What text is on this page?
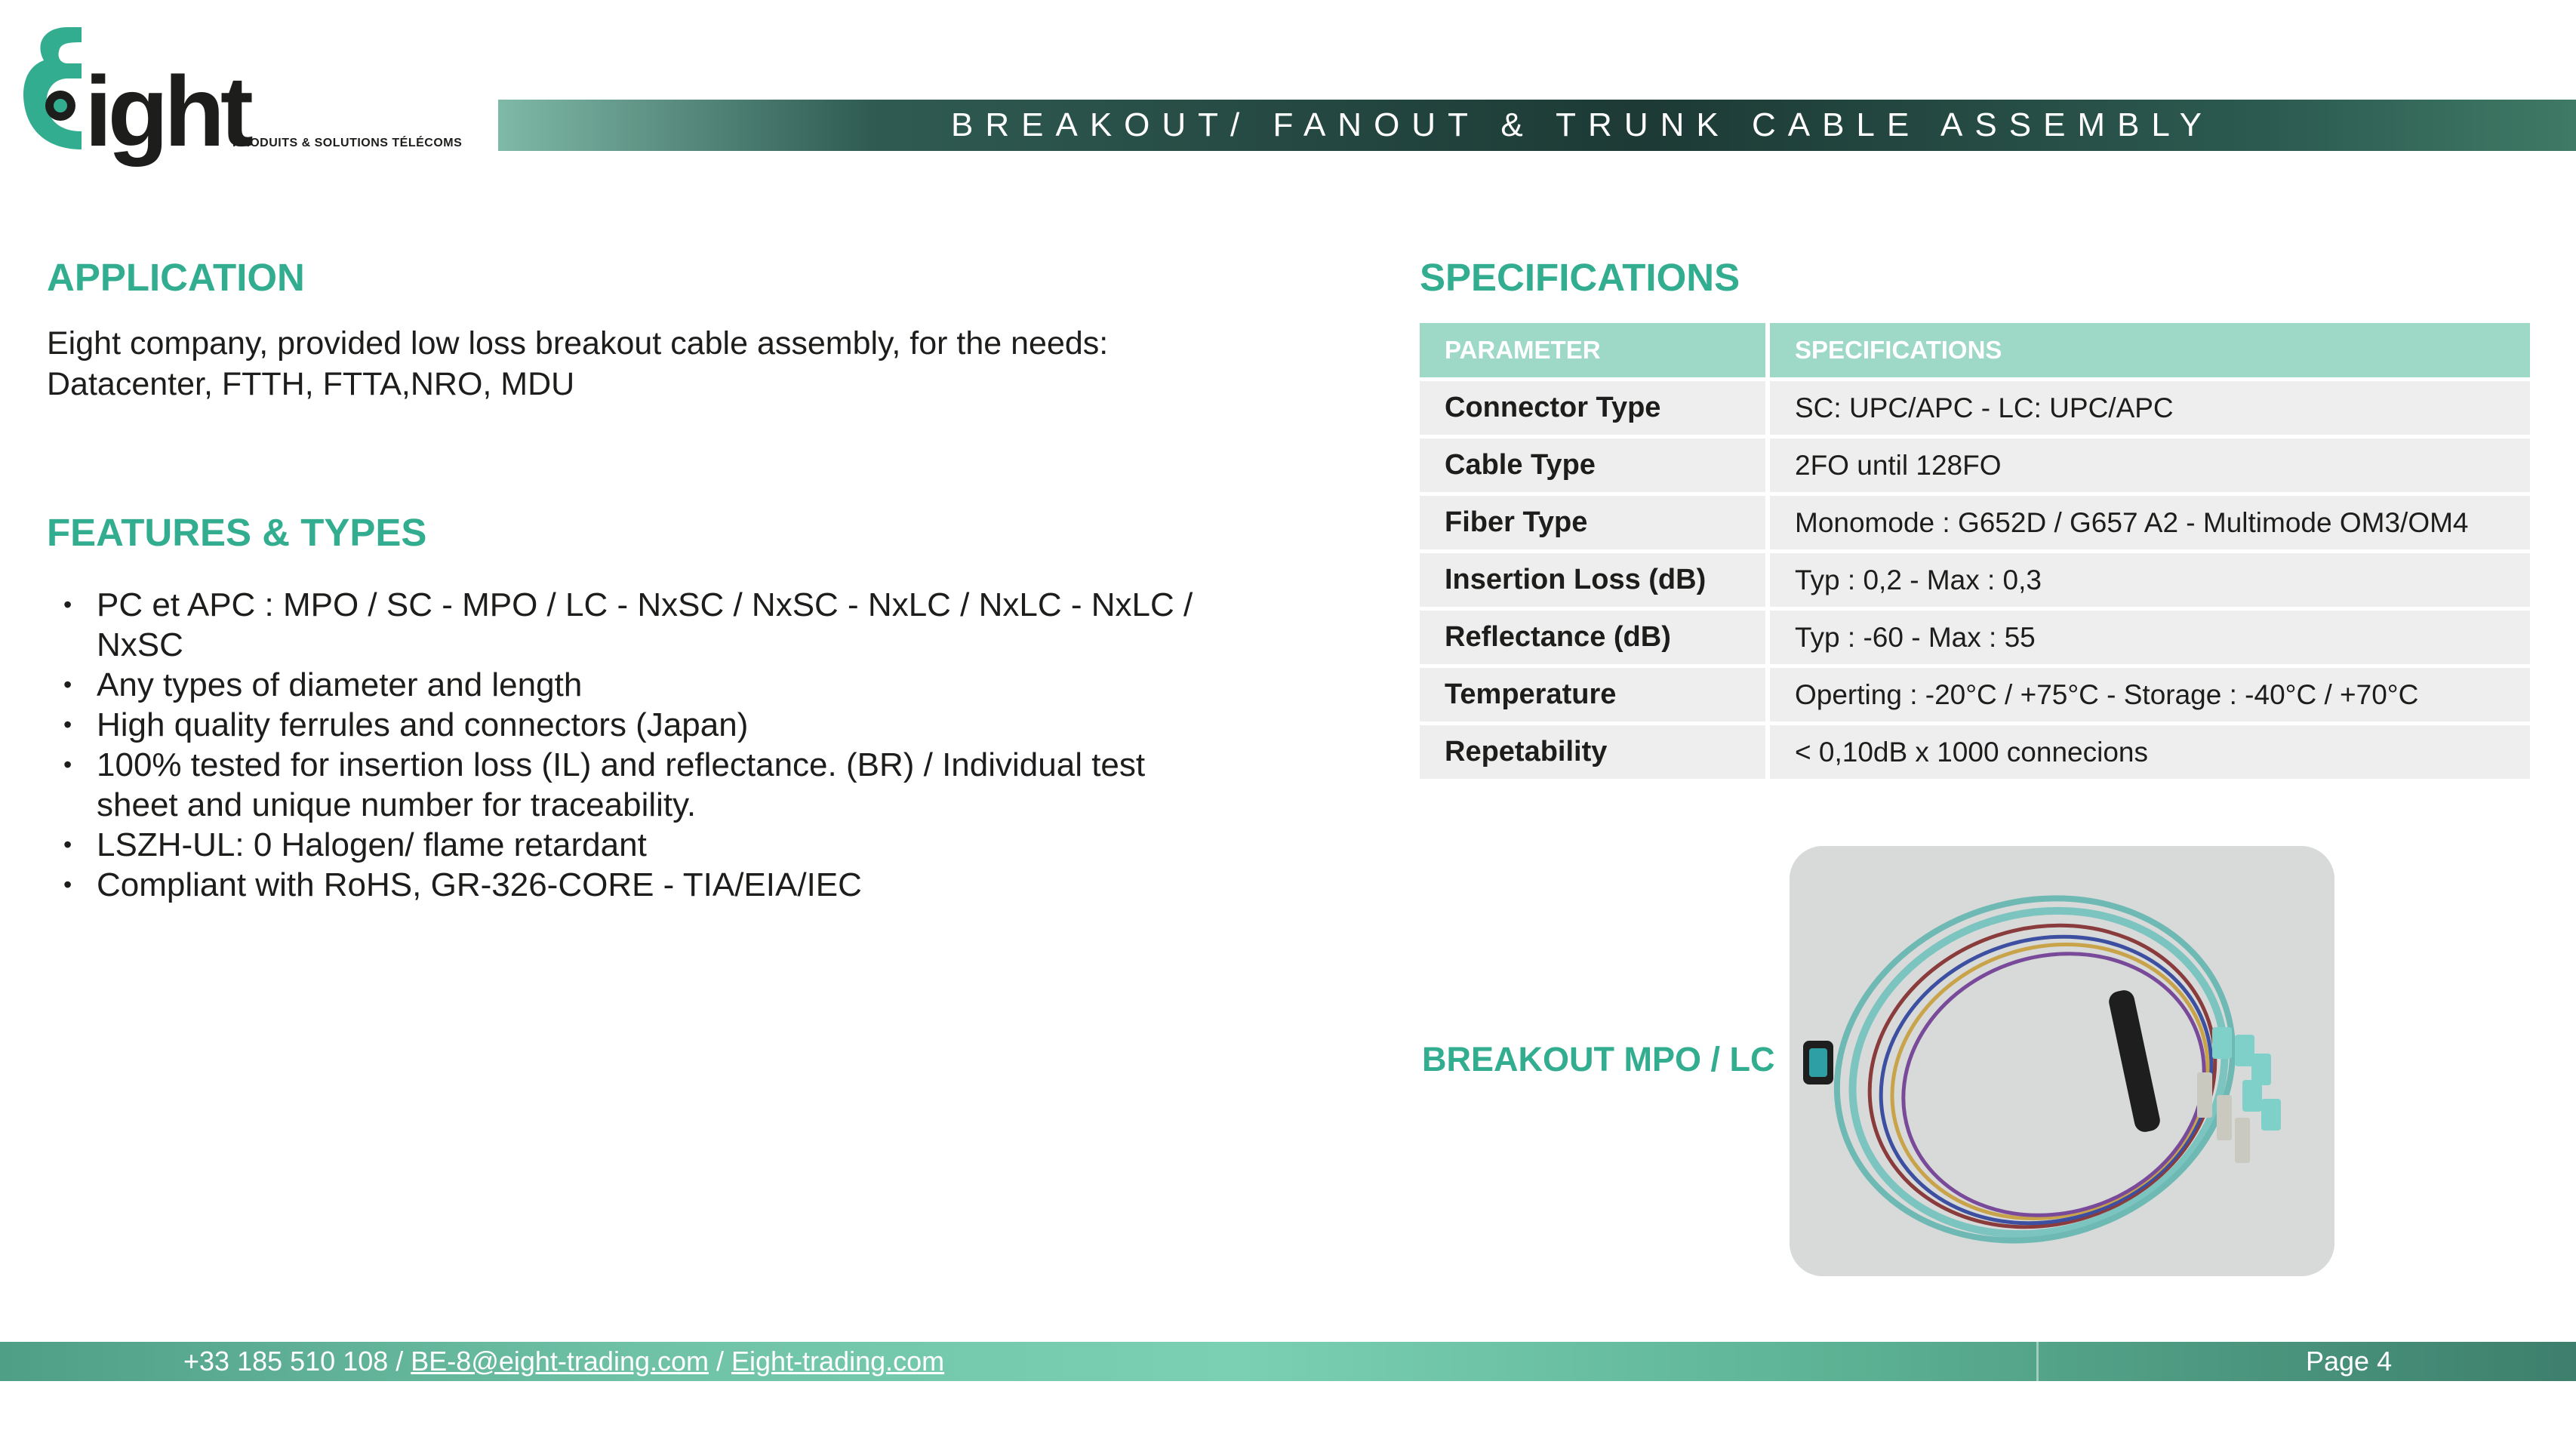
ight
PRODUITS & SOLUTIONS TÉLÉCOMS	BREAKOUT/ FANOUT & TRUNK CABLE ASSEMBLY
APPLICATION
Eight company, provided low loss breakout cable assembly, for the needs: Datacenter, FTTH, FTTA,NRO, MDU
FEATURES & TYPES
• PC et APC : MPO / SC - MPO / LC - NxSC / NxSC - NxLC / NxLC - NxLC / NxSC
• Any types of diameter and length
• High quality ferrules and connectors (Japan)
• 100% tested for insertion loss (IL) and reflectance. (BR) / Individual test sheet and unique number for traceability.
• LSZH-UL: 0 Halogen/ flame retardant
• Compliant with RoHS, GR-326-CORE - TIA/EIA/IEC
SPECIFICATIONS
PARAMETER	SPECIFICATIONS
Connector Type	SC: UPC/APC - LC: UPC/APC
Cable Type	2FO until 128FO
Fiber Type	Monomode : G652D / G657 A2 - Multimode OM3/OM4
Insertion Loss (dB)	Typ : 0,2 - Max : 0,3
Reflectance (dB)	Typ : -60 - Max : 55
Temperature	Operting : -20°C / +75°C - Storage : -40°C / +70°C
Repetability	< 0,10dB x 1000 connecions
BREAKOUT MPO / LC
+33 185 510 108 / BE-8@eight-trading.com / Eight-trading.com	Page 4
